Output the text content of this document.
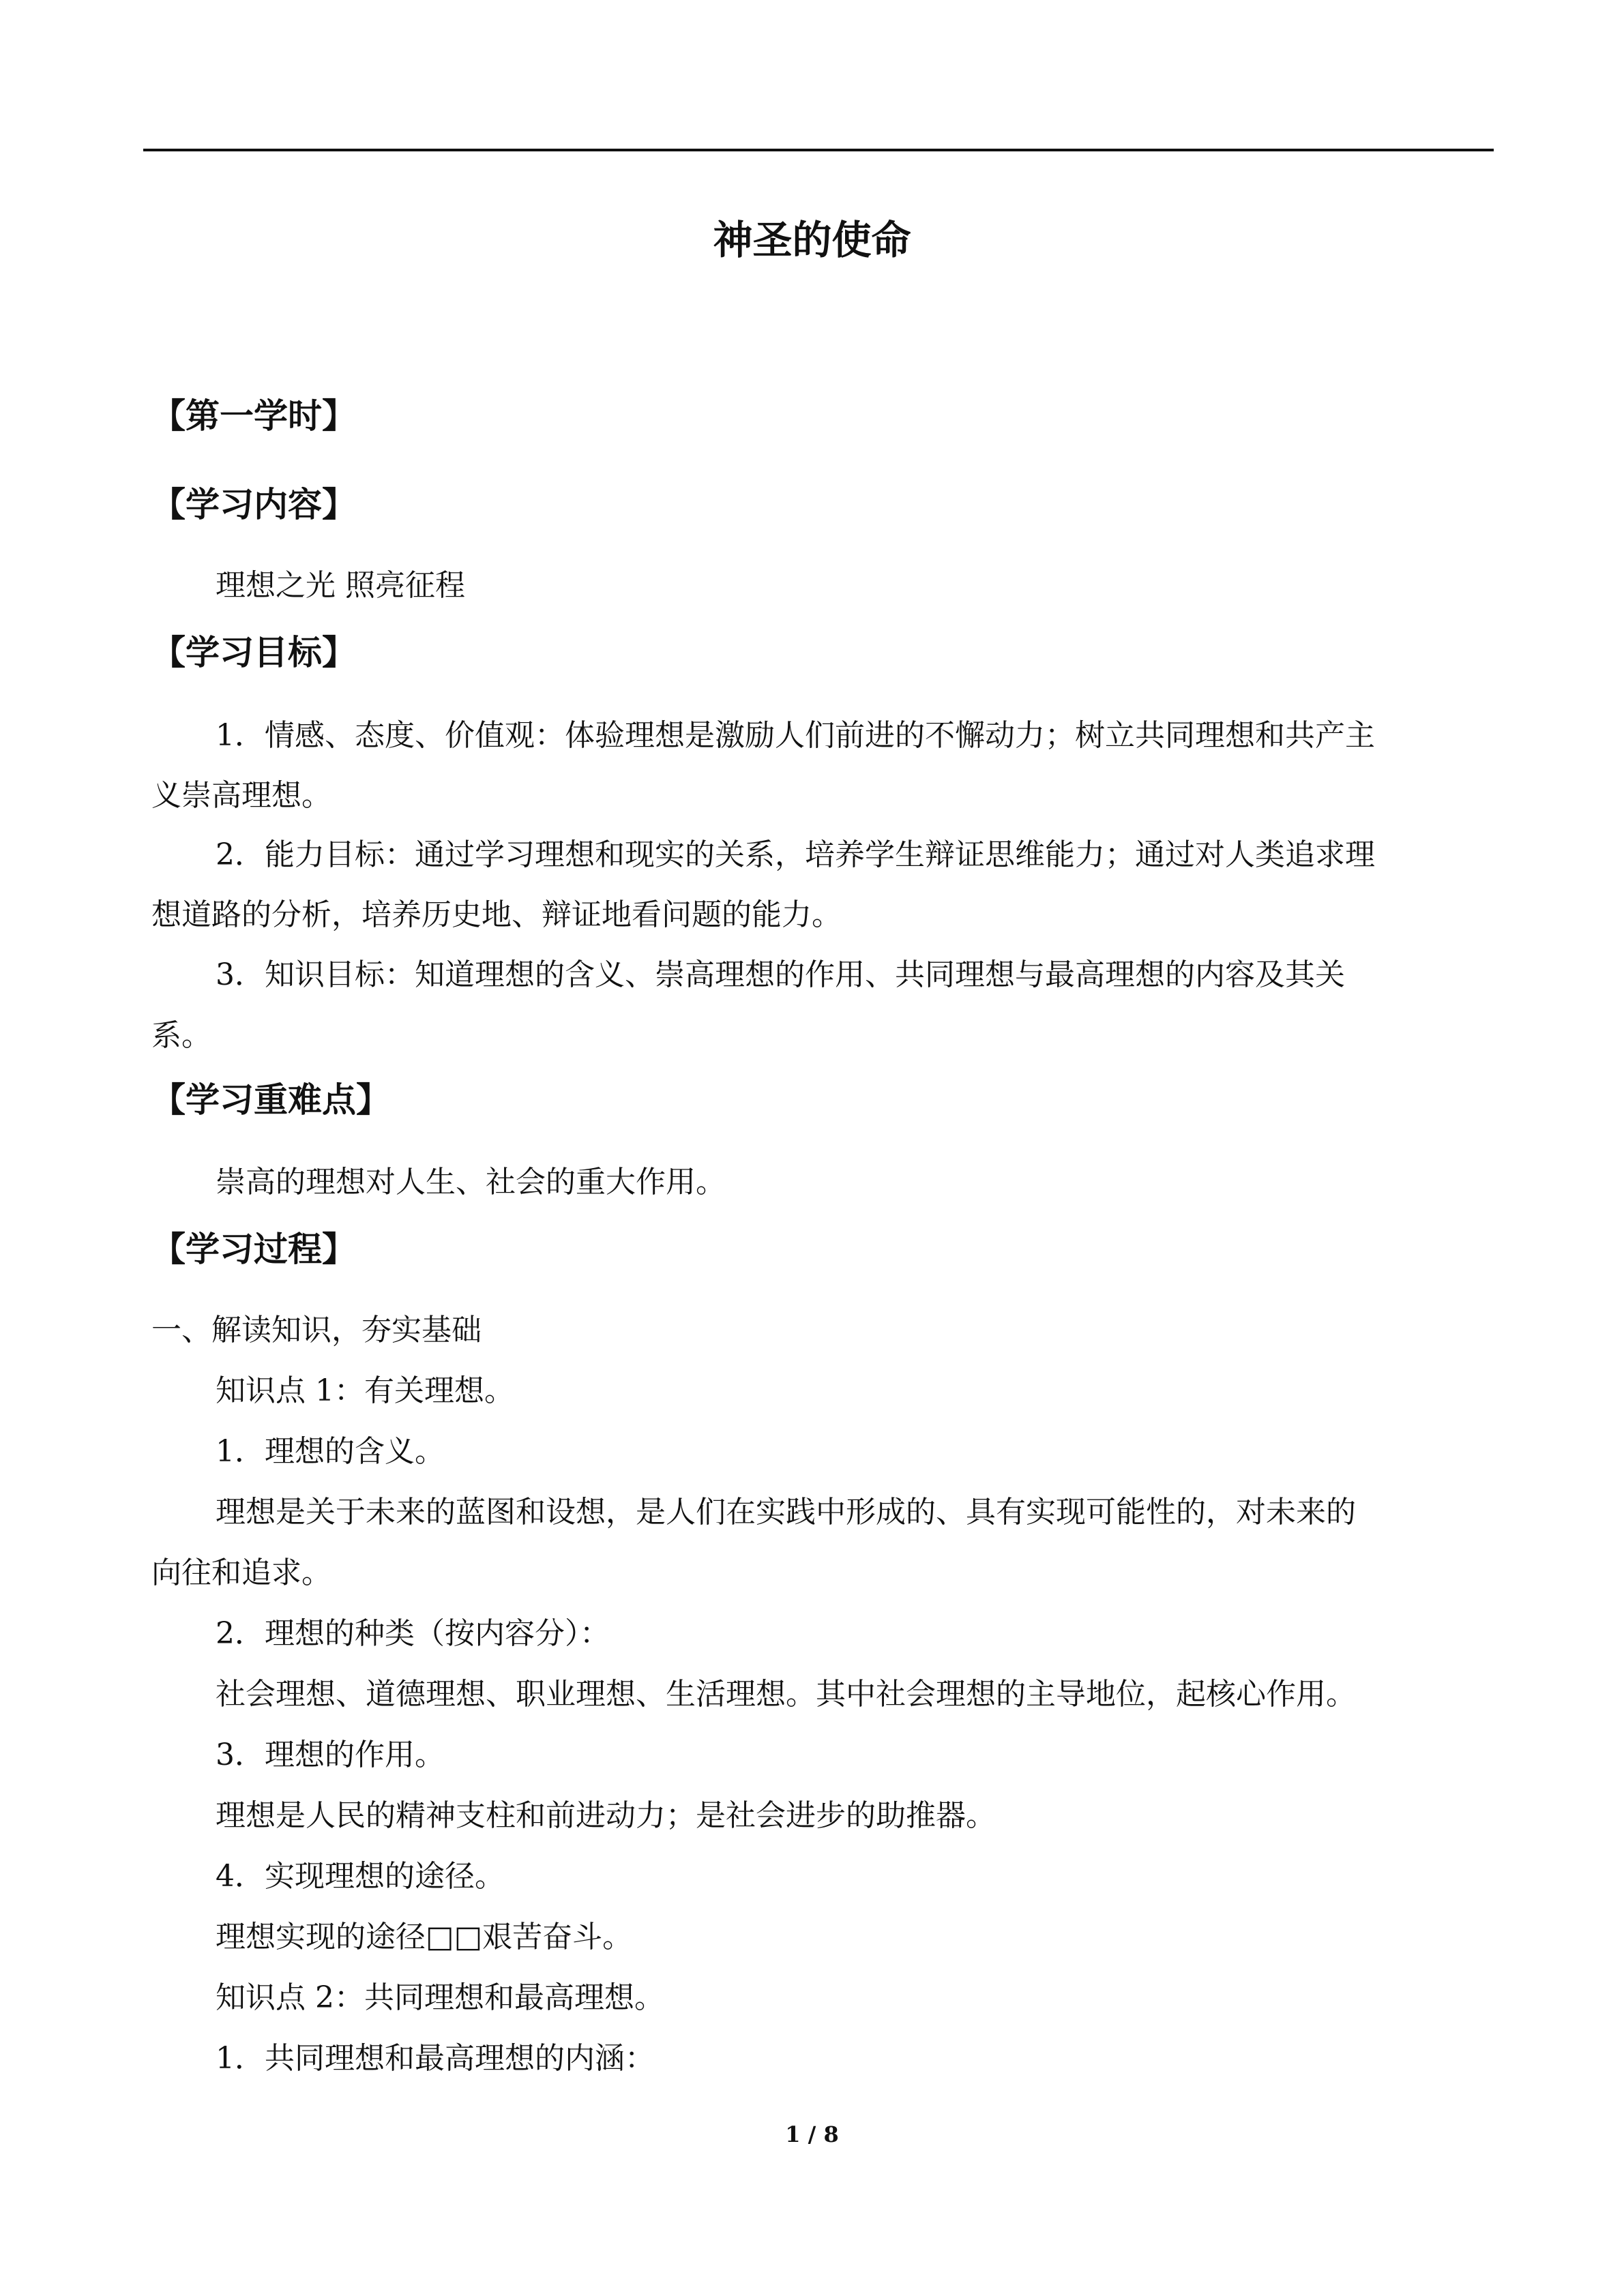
神圣的使命
【第一学时】
【学习内容】
理想之光 照亮征程
【学习目标】
1．情感、态度、价值观：体验理想是激励人们前进的不懈动力；树立共同理想和共产主
义崇高理想。
2．能力目标：通过学习理想和现实的关系，培养学生辩证思维能力；通过对人类追求理
想道路的分析，培养历史地、辩证地看问题的能力。
3．知识目标：知道理想的含义、崇高理想的作用、共同理想与最高理想的内容及其关
系。
【学习重难点】
崇高的理想对人生、社会的重大作用。
【学习过程】
一、解读知识，夯实基础
知识点 1：有关理想。
1．理想的含义。
理想是关于未来的蓝图和设想，是人们在实践中形成的、具有实现可能性的，对未来的
向往和追求。
2．理想的种类（按内容分）：
社会理想、道德理想、职业理想、生活理想。其中社会理想的主导地位，起核心作用。
3．理想的作用。
理想是人民的精神支柱和前进动力；是社会进步的助推器。
4．实现理想的途径。
理想实现的途径□□艰苦奋斗。
知识点 2：共同理想和最高理想。
1．共同理想和最高理想的内涵：
1 / 8
